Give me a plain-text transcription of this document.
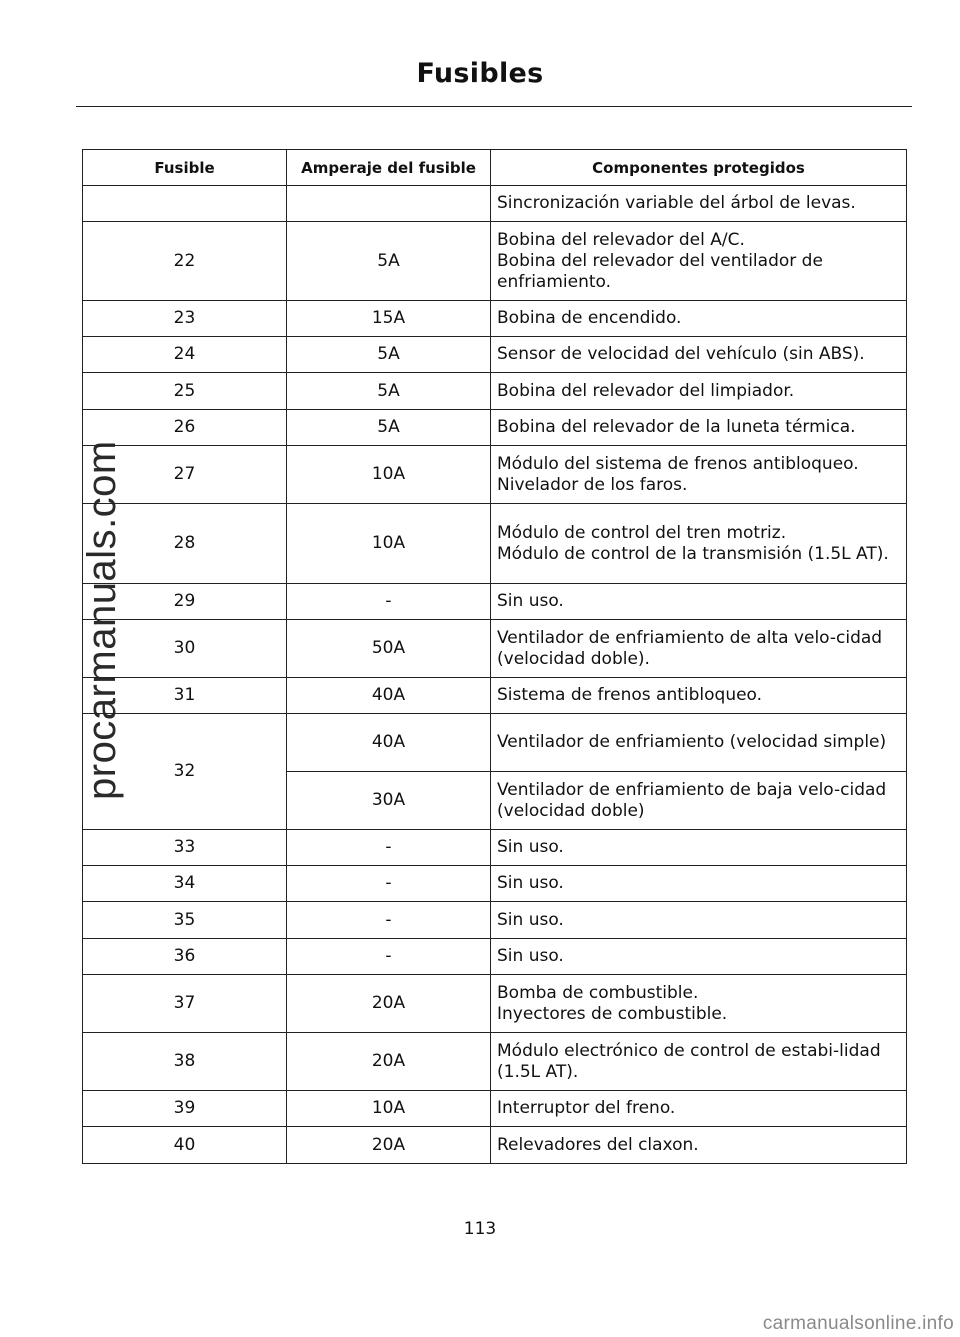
Fusibles
procarmanuals.com
Fusible	Amperaje del fusible	Componentes protegidos
		Sincronización variable del árbol de levas.
22	5A	Bobina del relevador del A/C.
Bobina del relevador del ventilador de enfriamiento.
23	15A	Bobina de encendido.
24	5A	Sensor de velocidad del vehículo (sin ABS).
25	5A	Bobina del relevador del limpiador.
26	5A	Bobina del relevador de la luneta térmica.
27	10A	Módulo del sistema de frenos antibloqueo.
Nivelador de los faros.
28	10A	Módulo de control del tren motriz.
Módulo de control de la transmisión (1.5L AT).
29	-	Sin uso.
30	50A	Ventilador de enfriamiento de alta velo-cidad (velocidad doble).
31	40A	Sistema de frenos antibloqueo.
32	40A	Ventilador de enfriamiento (velocidad simple)
	30A	Ventilador de enfriamiento de baja velo-cidad (velocidad doble)
33	-	Sin uso.
34	-	Sin uso.
35	-	Sin uso.
36	-	Sin uso.
37	20A	Bomba de combustible.
Inyectores de combustible.
38	20A	Módulo electrónico de control de estabi-lidad (1.5L AT).
39	10A	Interruptor del freno.
40	20A	Relevadores del claxon.
113
carmanualsonline.info
